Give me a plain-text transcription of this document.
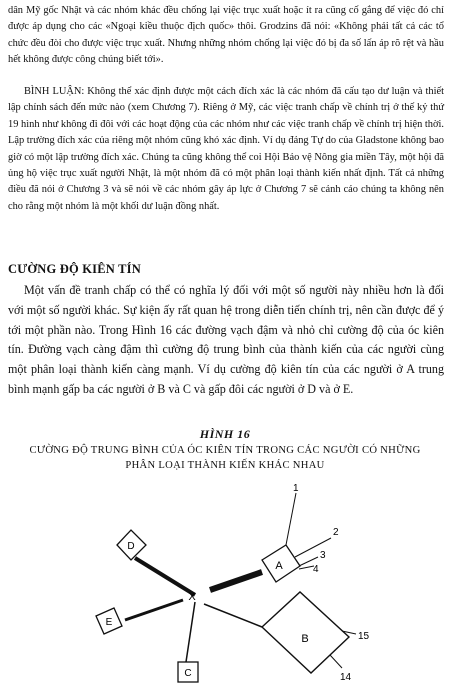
dân Mỹ gốc Nhật và các nhóm khác đều chống lại việc trục xuất hoặc ít ra cũng cố gắng để việc đó chỉ được áp dụng cho các «Ngoại kiều thuộc địch quốc» thôi. Grodzins đã nói: «Không phải tất cả các tổ chức đều đòi cho được việc trục xuất. Nhưng những nhóm chống lại việc đó bị đa số lấn áp rõ rệt và hầu hết không được công chúng biết tới».
BÌNH LUẬN: Không thể xác định được một cách đích xác là các nhóm đã cấu tạo dư luận và thiết lập chính sách đến mức nào (xem Chương 7). Riêng ở Mỹ, các việc tranh chấp về chính trị ở thế kỷ thứ 19 hình như không đi đôi với các hoạt động của các nhóm như các việc tranh chấp về chính trị hiện thời. Lập trường đích xác của riêng một nhóm cũng khó xác định. Ví dụ đảng Tự do của Gladstone không bao giờ có một lập trường đích xác. Chúng ta cũng không thể coi Hội Bảo vệ Nông gia miền Tây, một hội đã ủng hộ việc trục xuất người Nhật, là một nhóm đã có một phân loại thành kiến nhất định. Tất cả những điều đã nói ở Chương 3 và sẽ nói về các nhóm gây áp lực ở Chương 7 sẽ cảnh cáo chúng ta không nên cho rằng một nhóm là một khối dư luận đồng nhất.
CƯỜNG ĐỘ KIÊN TÍN
Một vấn đề tranh chấp có thể có nghĩa lý đối với một số người này nhiều hơn là đối với một số người khác. Sự kiện ấy rất quan hệ trong diễn tiến chính trị, nên cần được để ý tới một phần nào. Trong Hình 16 các đường vạch đậm và nhỏ chỉ cường độ của óc kiên tín. Đường vạch càng đậm thì cường độ trung bình của thành kiến của các người cùng một phân loại thành kiến càng mạnh. Ví dụ cường độ kiên tín của các người ở A trung bình mạnh gấp ba các người ở B và C và gấp đôi các người ở D và ở E.
HÌNH 16
CƯỜNG ĐỘ TRUNG BÌNH CỦA ÓC KIÊN TÍN TRONG CÁC NGƯỜI CÓ NHỮNG PHÂN LOẠI THÀNH KIẾN KHÁC NHAU
A
B
C
D
E
X
1
2
3
4
15
14
